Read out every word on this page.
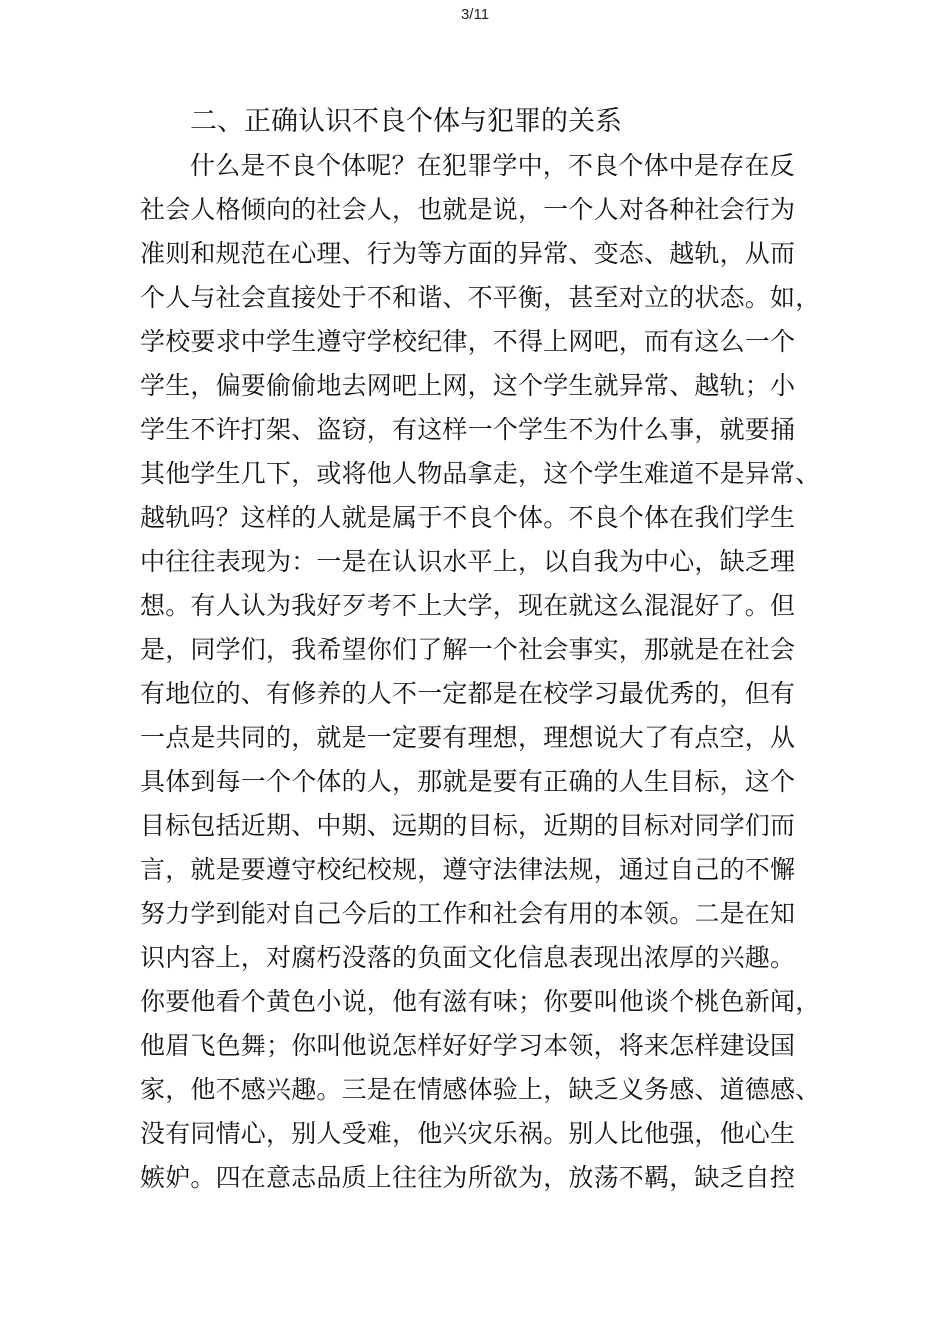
3/11
二、正确认识不良个体与犯罪的关系
什么是不良个体呢？在犯罪学中，不良个体中是存在反
社会人格倾向的社会人，也就是说，一个人对各种社会行为
准则和规范在心理、行为等方面的异常、变态、越轨，从而
个人与社会直接处于不和谐、不平衡，甚至对立的状态。如，
学校要求中学生遵守学校纪律，不得上网吧，而有这么一个
学生，偏要偷偷地去网吧上网，这个学生就异常、越轨；小
学生不许打架、盗窃，有这样一个学生不为什么事，就要捅
其他学生几下，或将他人物品拿走，这个学生难道不是异常、
越轨吗？这样的人就是属于不良个体。不良个体在我们学生
中往往表现为：一是在认识水平上，以自我为中心，缺乏理
想。有人认为我好歹考不上大学，现在就这么混混好了。但
是，同学们，我希望你们了解一个社会事实，那就是在社会
有地位的、有修养的人不一定都是在校学习最优秀的，但有
一点是共同的，就是一定要有理想，理想说大了有点空，从
具体到每一个个体的人，那就是要有正确的人生目标，这个
目标包括近期、中期、远期的目标，近期的目标对同学们而
言，就是要遵守校纪校规，遵守法律法规，通过自己的不懈
努力学到能对自己今后的工作和社会有用的本领。二是在知
识内容上，对腐朽没落的负面文化信息表现出浓厚的兴趣。
你要他看个黄色小说，他有滋有味；你要叫他谈个桃色新闻，
他眉飞色舞；你叫他说怎样好好学习本领，将来怎样建设国
家，他不感兴趣。三是在情感体验上，缺乏义务感、道德感、
没有同情心，别人受难，他兴灾乐祸。别人比他强，他心生
嫉妒。四在意志品质上往往为所欲为，放荡不羁，缺乏自控
